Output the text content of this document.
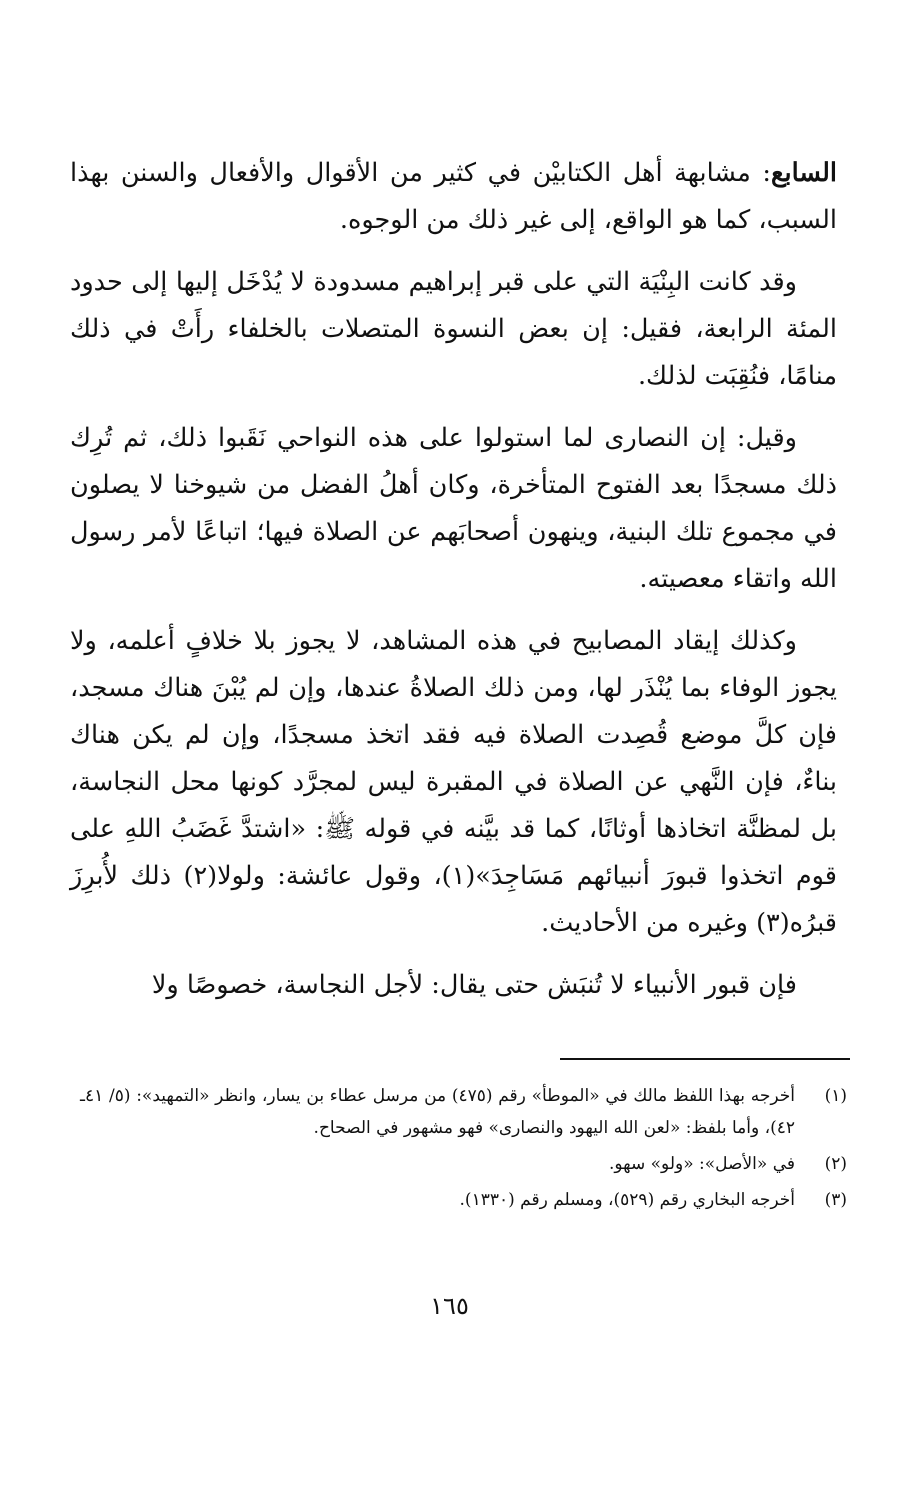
السابع: مشابهة أهل الكتابيْن في كثير من الأقوال والأفعال والسنن بهذا السبب، كما هو الواقع، إلى غير ذلك من الوجوه.

وقد كانت البِنْيَة التي على قبر إبراهيم مسدودة لا يُدْخَل إليها إلى حدود المئة الرابعة، فقيل: إن بعض النسوة المتصلات بالخلفاء رأَتْ في ذلك منامًا، فنُقِبَت لذلك.

وقيل: إن النصارى لما استولوا على هذه النواحي نَقَبوا ذلك، ثم تُرِك ذلك مسجدًا بعد الفتوح المتأخرة، وكان أهلُ الفضل من شيوخنا لا يصلون في مجموع تلك البنية، وينهون أصحابَهم عن الصلاة فيها؛ اتباعًا لأمر رسول الله واتقاء معصيته.

وكذلك إيقاد المصابيح في هذه المشاهد، لا يجوز بلا خلافٍ أعلمه، ولا يجوز الوفاء بما يُنْذَر لها، ومن ذلك الصلاةُ عندها، وإن لم يُبْنَ هناك مسجد، فإن كلَّ موضع قُصِدت الصلاة فيه فقد اتخذ مسجدًا، وإن لم يكن هناك بناءٌ، فإن النَّهي عن الصلاة في المقبرة ليس لمجرَّد كونها محل النجاسة، بل لمظنَّة اتخاذها أوثانًا، كما قد بيَّنه في قوله ﷺ: «اشتدَّ غَضَبُ اللهِ على قوم اتخذوا قبورَ أنبيائهم مَسَاجِدَ»(١)، وقول عائشة: ولولا(٢) ذلك لأُبرِزَ قبرُه(٣) وغيره من الأحاديث.

فإن قبور الأنبياء لا تُنبَش حتى يقال: لأجل النجاسة، خصوصًا ولا

(١)
أخرجه بهذا اللفظ مالك في «الموطأ» رقم (٤٧٥) من مرسل عطاء بن يسار، وانظر «التمهيد»: (٥/ ٤١ـ ٤٢)، وأما بلفظ: «لعن الله اليهود والنصارى» فهو مشهور في الصحاح.
(٢)
في «الأصل»: «ولو» سهو.
(٣)
أخرجه البخاري رقم (٥٢٩)، ومسلم رقم (١٣٣٠).
١٦٥
